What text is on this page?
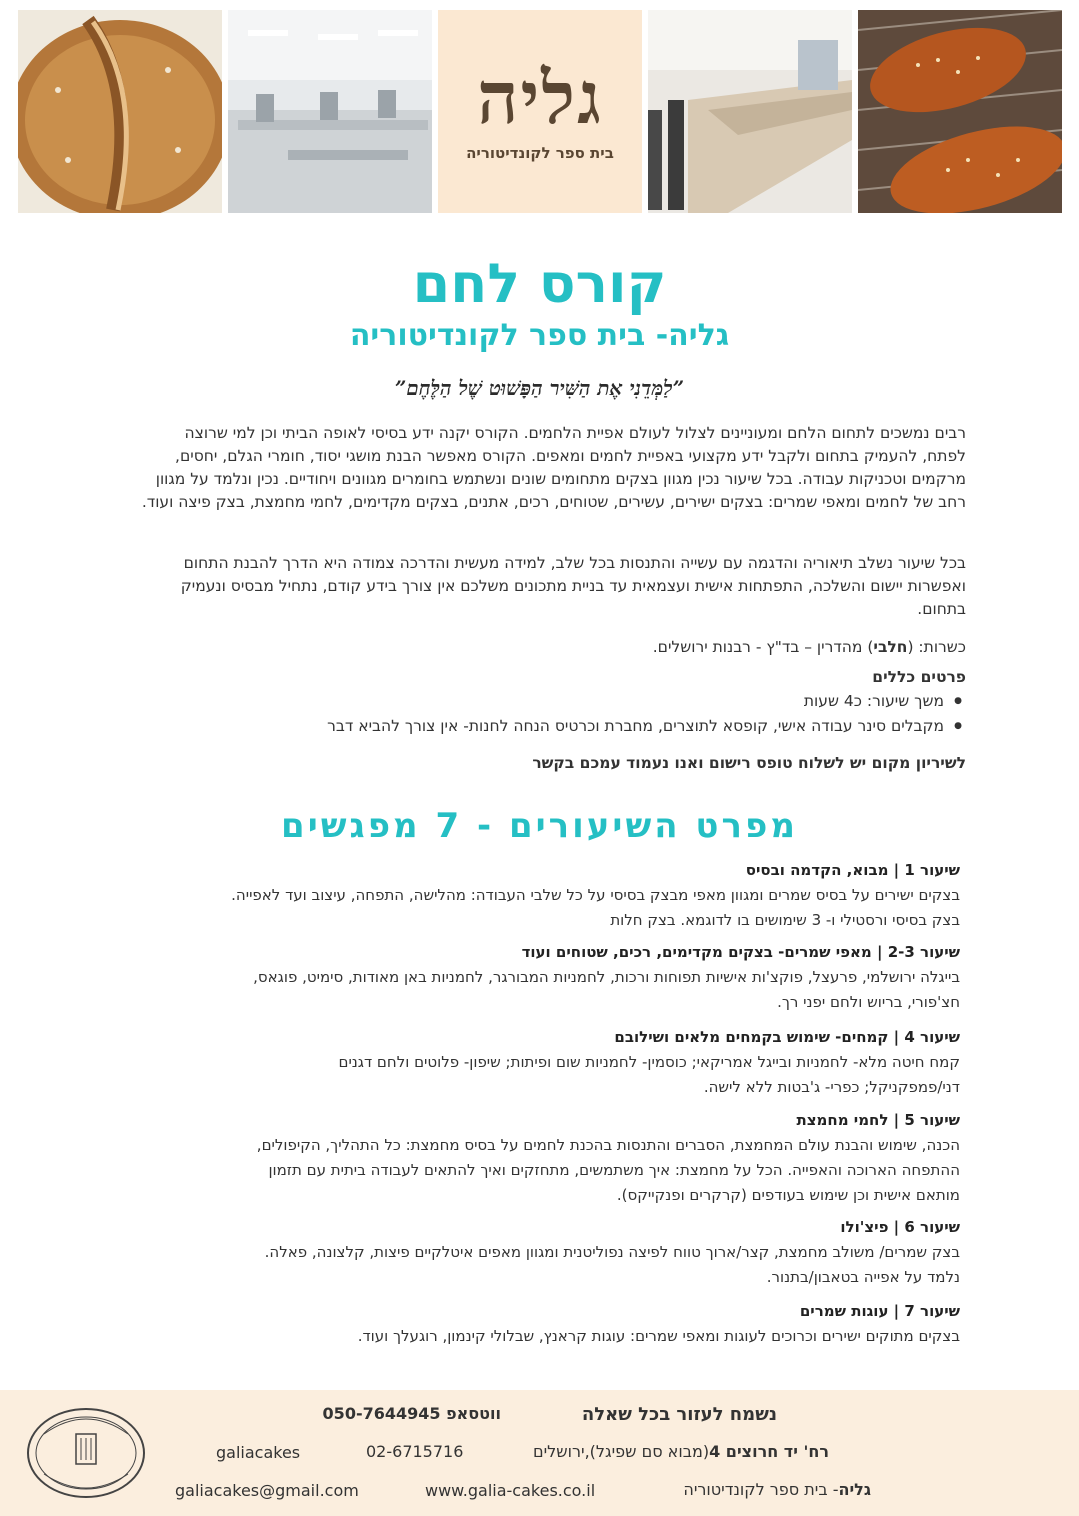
גליה
בית ספר לקונדיטוריה
קורס לחם
גליה- בית ספר לקונדיטוריה
”לַמְּדֵנִי אֶת הַשִּׁיר הַפָּשׁוּט שֶׁל הַלֶּחֶם”

רבים נמשכים לתחום הלחם ומעוניינים לצלול לעולם אפיית הלחמים. הקורס יקנה ידע בסיסי לאופה הביתי וכן למי שרוצה לפתח, להעמיק בתחום ולקבל ידע מקצועי באפיית לחמים ומאפים. הקורס מאפשר הבנת מושגי יסוד, חומרי הגלם, יחסים, מרקמים וטכניקות עבודה. בכל שיעור נכין מגוון בצקים מתחומים שונים ונשתמש בחומרים מגוונים ויחודיים. נכין ונלמד על מגוון רחב של לחמים ומאפי שמרים: בצקים ישירים, עשירים, שטוחים, רכים, אתנים, בצקים מקדימים, לחמי מחמצת, בצק פיצה ועוד.

בכל שיעור נשלב תיאוריה והדגמה עם עשייה והתנסות בכל שלב, למידה מעשית והדרכה צמודה היא הדרך להבנת התחום ואפשרות יישום והשלכה, התפתחות אישית ועצמאית עד בניית מתכונים משלכם אין צורך בידע קודם, נתחיל מבסיס ונעמיק בתחום.

כשרות: (חלבי) מהדרין – בד"ץ - רבנות ירושלים.

פרטים כללים

● משך שיעור: כ4 שעות
● מקבלים סינר עבודה אישי, קופסא לתוצרים, מחברת וכרטיס הנחה לחנות- אין צורך להביא דבר

לשיריון מקום יש לשלוח טופס רישום ואנו נעמוד עמכם בקשר

מפרט השיעורים - 7 מפגשים
שיעור 1 | מבוא, הקדמה ובסיס
בצקים ישירים על בסיס שמרים ומגוון מאפי מבצק בסיסי על כל שלבי העבודה: מהלישה, התפחה, עיצוב ועד לאפייה.
בצק בסיסי ורסטילי ו- 3 שימושים בו לדוגמא. בצק חלות
שיעור 2-3 | מאפי שמרים- בצקים מקדימים, רכים, שטוחים ועוד
בייגלה ירושלמי, פרעצל, פוקצ'ות אישיות תפוחות ורכות, לחמניות המבורגר, לחמניות באן מאודות, סימיט, פוגאס,
חצ'פורי, בריוש ולחם יפני רך.
שיעור 4 | קמחים- שימוש בקמחים מלאים ושילובם
קמח חיטה מלא- לחמניות ובייגל אמריקאי; כוסמין- לחמניות שום ופיתות; שיפון- פלוטים ולחם דגנים
דני/פמפקניקל; כפרי- ג'בטות ללא לישה.
שיעור 5 | לחמי מחמצת
הכנה, שימוש והבנת עולם המחמצת, הסברים והתנסות בהכנת לחמים על בסיס מחמצת: כל התהליך, הקיפולים,
ההתפחה הארוכה והאפייה. הכל על מחמצת: איך משתמשים, מתחזקים ואיך להתאים לעבודה ביתית עם תזמון
מותאם אישית וכן שימוש בעודפים (קרקרים ופנקייקס).
שיעור 6 | פיצ'ולו
בצק שמרים/ משולב מחמצת, קצר/ארוך טווח לפיצה נפוליטנית ומגוון מאפים איטלקיים פיצות, קלצונה, פאלה.
נלמד על אפייה בטאבון/בתנור.
שיעור 7 | עוגות שמרים
בצקים מתוקים ישירים וכרוכים לעוגות ומאפי שמרים: עוגות קראנץ, שבלולי קינמון, רוגעלך ועוד.
נשמח לעזור בכל שאלה
ווטסאפ 050-7644945
רח' יד חרוצים 4(מבוא סם שפיגל),ירושלים
02-6715716
galiacakes
גליה- בית ספר לקונדיטוריה
www.galia-cakes.co.il
galiacakes@gmail.com
